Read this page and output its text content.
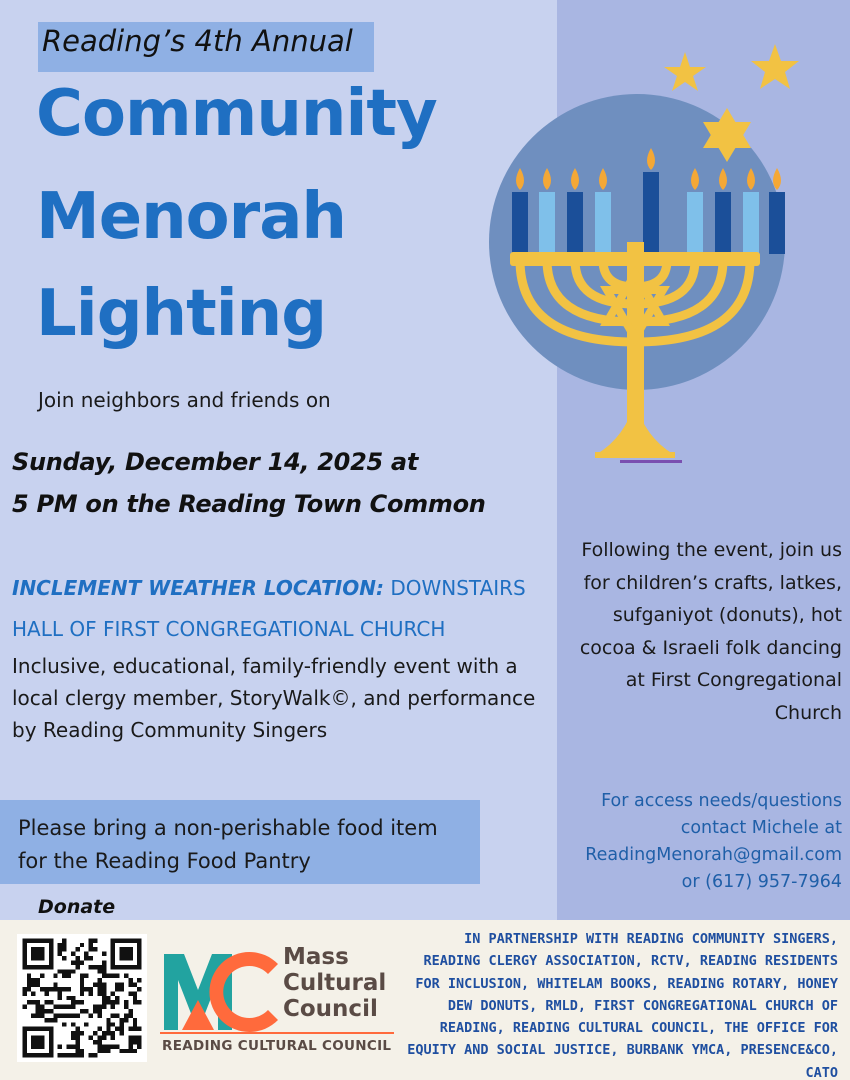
Reading’s 4th Annual
Community
Menorah
Lighting
Join neighbors and friends on
Sunday, December 14, 2025 at
5 PM on the Reading Town Common
INCLEMENT WEATHER LOCATION: DOWNSTAIRS
HALL OF FIRST CONGREGATIONAL CHURCH
Inclusive, educational, family-friendly event with a local clergy member, StoryWalk©, and performance by Reading Community Singers
Following the event, join us for children’s crafts, latkes, sufganiyot (donuts), hot cocoa & Israeli folk dancing at First Congregational Church
Please bring a non-perishable food item for the Reading Food Pantry
For access needs/questions
contact Michele at
ReadingMenorah@gmail.com
or (617) 957-7964
Donate
Mass
Cultural
Council
READING CULTURAL COUNCIL
IN PARTNERSHIP WITH READING COMMUNITY SINGERS, READING CLERGY ASSOCIATION, RCTV, READING RESIDENTS FOR INCLUSION, WHITELAM BOOKS, READING ROTARY, HONEY DEW DONUTS, RMLD, FIRST CONGREGATIONAL CHURCH OF READING, READING CULTURAL COUNCIL, THE OFFICE FOR EQUITY AND SOCIAL JUSTICE, BURBANK YMCA, PRESENCE&CO, CATO
